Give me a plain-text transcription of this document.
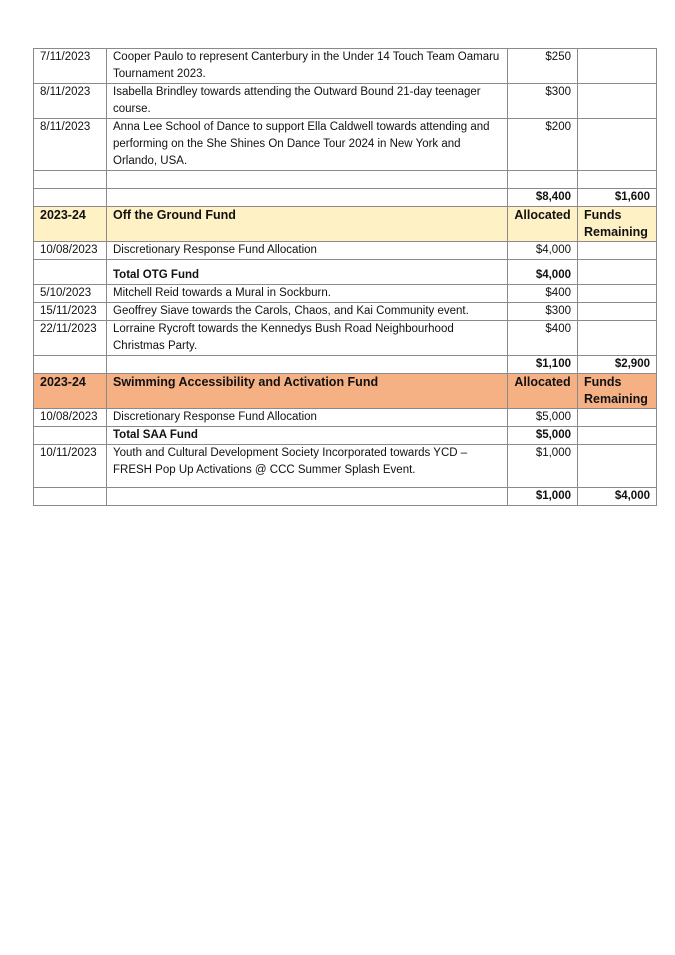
7/11/2023	Cooper Paulo to represent Canterbury in the Under 14 Touch Team Oamaru Tournament 2023.	$250	
8/11/2023	Isabella Brindley towards attending the Outward Bound 21-day teenager course.	$300	
8/11/2023	Anna Lee School of Dance to support Ella Caldwell towards attending and performing on the She Shines On Dance Tour 2024 in New York and Orlando, USA.	$200	

		$8,400	$1,600
2023-24	Off the Ground Fund	Allocated	Funds Remaining
10/08/2023	Discretionary Response Fund Allocation	$4,000	
	Total OTG Fund	$4,000	
5/10/2023	Mitchell Reid towards a Mural in Sockburn.	$400	
15/11/2023	Geoffrey Siave towards the Carols, Chaos, and Kai Community event.	$300	
22/11/2023	Lorraine Rycroft towards the Kennedys Bush Road Neighbourhood Christmas Party.	$400	
		$1,100	$2,900
2023-24	Swimming Accessibility and Activation Fund	Allocated	Funds Remaining
10/08/2023	Discretionary Response Fund Allocation	$5,000	
	Total SAA Fund	$5,000	
10/11/2023	Youth and Cultural Development Society Incorporated towards YCD – FRESH Pop Up Activations @ CCC Summer Splash Event.	$1,000	
		$1,000	$4,000
